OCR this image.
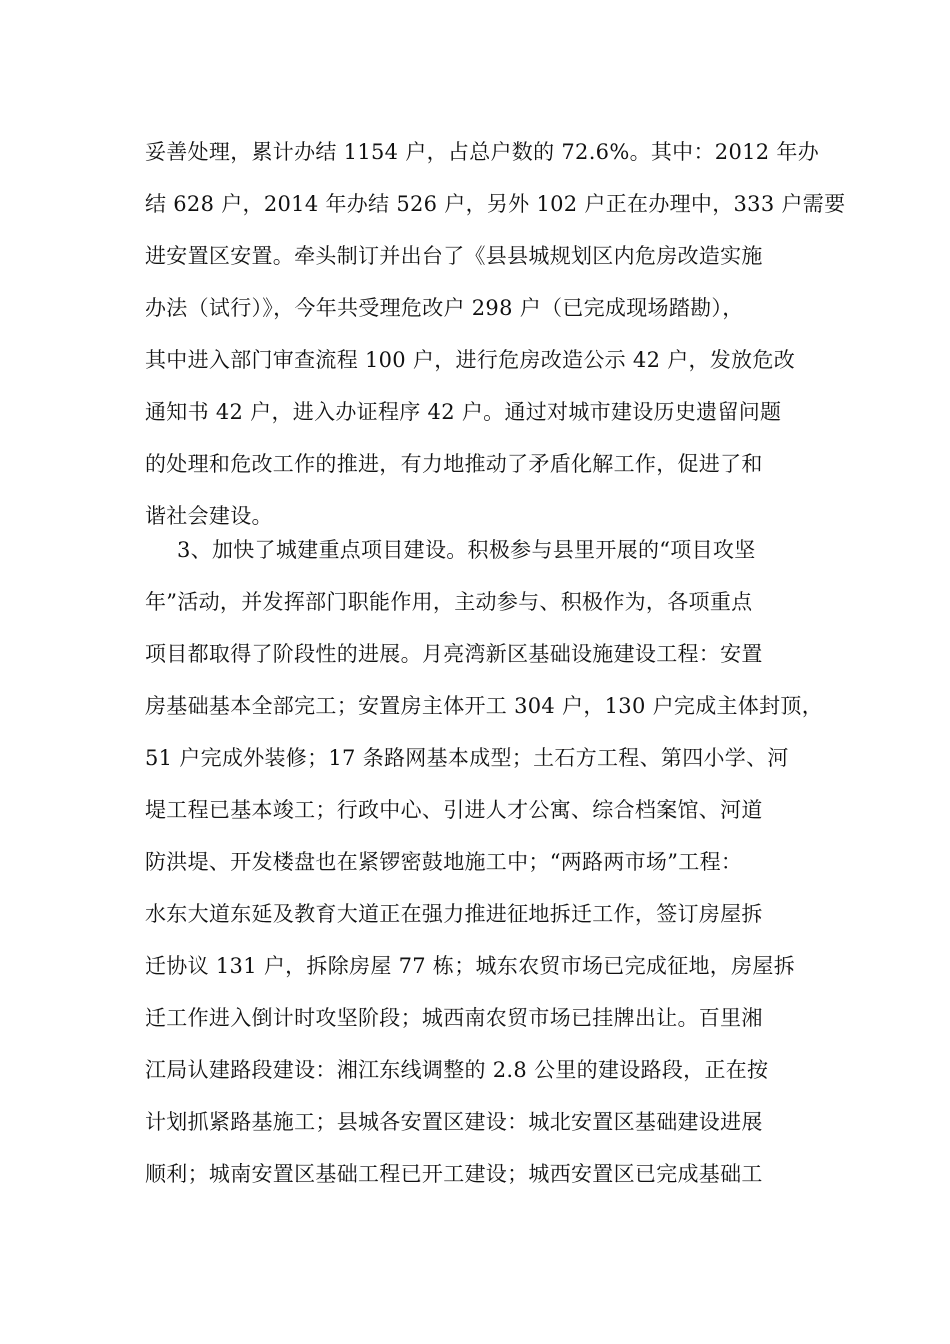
妥善处理，累计办结 1154 户，占总户数的 72.6%。其中：2012 年办
结 628 户，2014 年办结 526 户，另外 102 户正在办理中，333 户需要
进安置区安置。牵头制订并出台了《县县城规划区内危房改造实施
办法（试行）》，今年共受理危改户 298 户（已完成现场踏勘），
其中进入部门审查流程 100 户，进行危房改造公示 42 户，发放危改
通知书 42 户，进入办证程序 42 户。通过对城市建设历史遗留问题
的处理和危改工作的推进，有力地推动了矛盾化解工作，促进了和
谐社会建设。
3、加快了城建重点项目建设。积极参与县里开展的“项目攻坚
年”活动，并发挥部门职能作用，主动参与、积极作为，各项重点
项目都取得了阶段性的进展。月亮湾新区基础设施建设工程：安置
房基础基本全部完工；安置房主体开工 304 户，130 户完成主体封顶，
51 户完成外装修；17 条路网基本成型；土石方工程、第四小学、河
堤工程已基本竣工；行政中心、引进人才公寓、综合档案馆、河道
防洪堤、开发楼盘也在紧锣密鼓地施工中；“两路两市场”工程：
水东大道东延及教育大道正在强力推进征地拆迁工作，签订房屋拆
迁协议 131 户，拆除房屋 77 栋；城东农贸市场已完成征地，房屋拆
迁工作进入倒计时攻坚阶段；城西南农贸市场已挂牌出让。百里湘
江局认建路段建设：湘江东线调整的 2.8 公里的建设路段，正在按
计划抓紧路基施工；县城各安置区建设：城北安置区基础建设进展
顺利；城南安置区基础工程已开工建设；城西安置区已完成基础工
